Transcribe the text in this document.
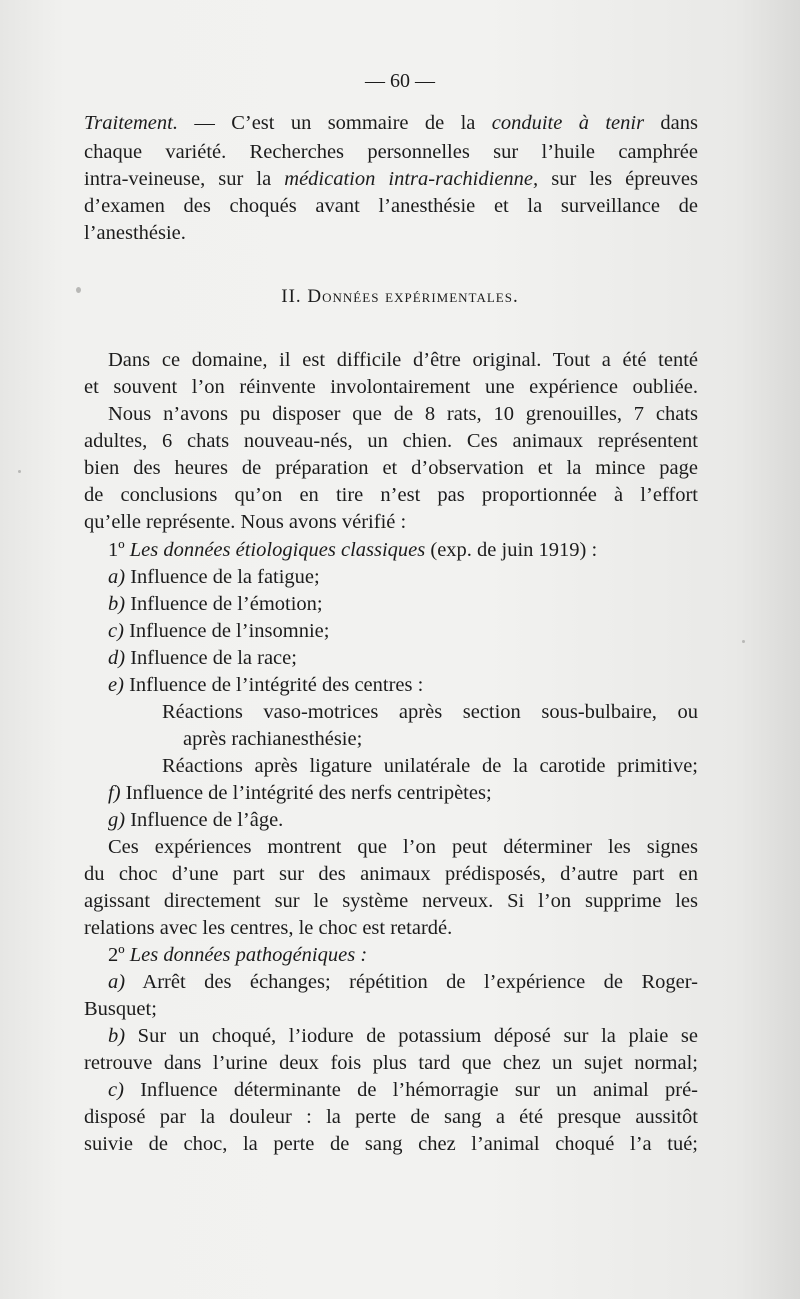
— 60 —
Traitement. — C’est un sommaire de la conduite à tenir dans
chaque variété. Recherches personnelles sur l’huile camphrée
intra-veineuse, sur la médication intra-rachidienne, sur les épreuves
d’examen des choqués avant l’anesthésie et la surveillance de
l’anesthésie.
II. Données expérimentales.
Dans ce domaine, il est difficile d’être original. Tout a été tenté
et souvent l’on réinvente involontairement une expérience oubliée.
Nous n’avons pu disposer que de 8 rats, 10 grenouilles, 7 chats
adultes, 6 chats nouveau-nés, un chien. Ces animaux représentent
bien des heures de préparation et d’observation et la mince page
de conclusions qu’on en tire n’est pas proportionnée à l’effort
qu’elle représente. Nous avons vérifié :
1º Les données étiologiques classiques (exp. de juin 1919) :
a) Influence de la fatigue;
b) Influence de l’émotion;
c) Influence de l’insomnie;
d) Influence de la race;
e) Influence de l’intégrité des centres :
Réactions vaso-motrices après section sous-bulbaire, ou
après rachianesthésie;
Réactions après ligature unilatérale de la carotide primitive;
f) Influence de l’intégrité des nerfs centripètes;
g) Influence de l’âge.
Ces expériences montrent que l’on peut déterminer les signes
du choc d’une part sur des animaux prédisposés, d’autre part en
agissant directement sur le système nerveux. Si l’on supprime les
relations avec les centres, le choc est retardé.
2º Les données pathogéniques :
a) Arrêt des échanges; répétition de l’expérience de Roger-
Busquet;
b) Sur un choqué, l’iodure de potassium déposé sur la plaie se
retrouve dans l’urine deux fois plus tard que chez un sujet normal;
c) Influence déterminante de l’hémorragie sur un animal pré-
disposé par la douleur : la perte de sang a été presque aussitôt
suivie de choc, la perte de sang chez l’animal choqué l’a tué;
